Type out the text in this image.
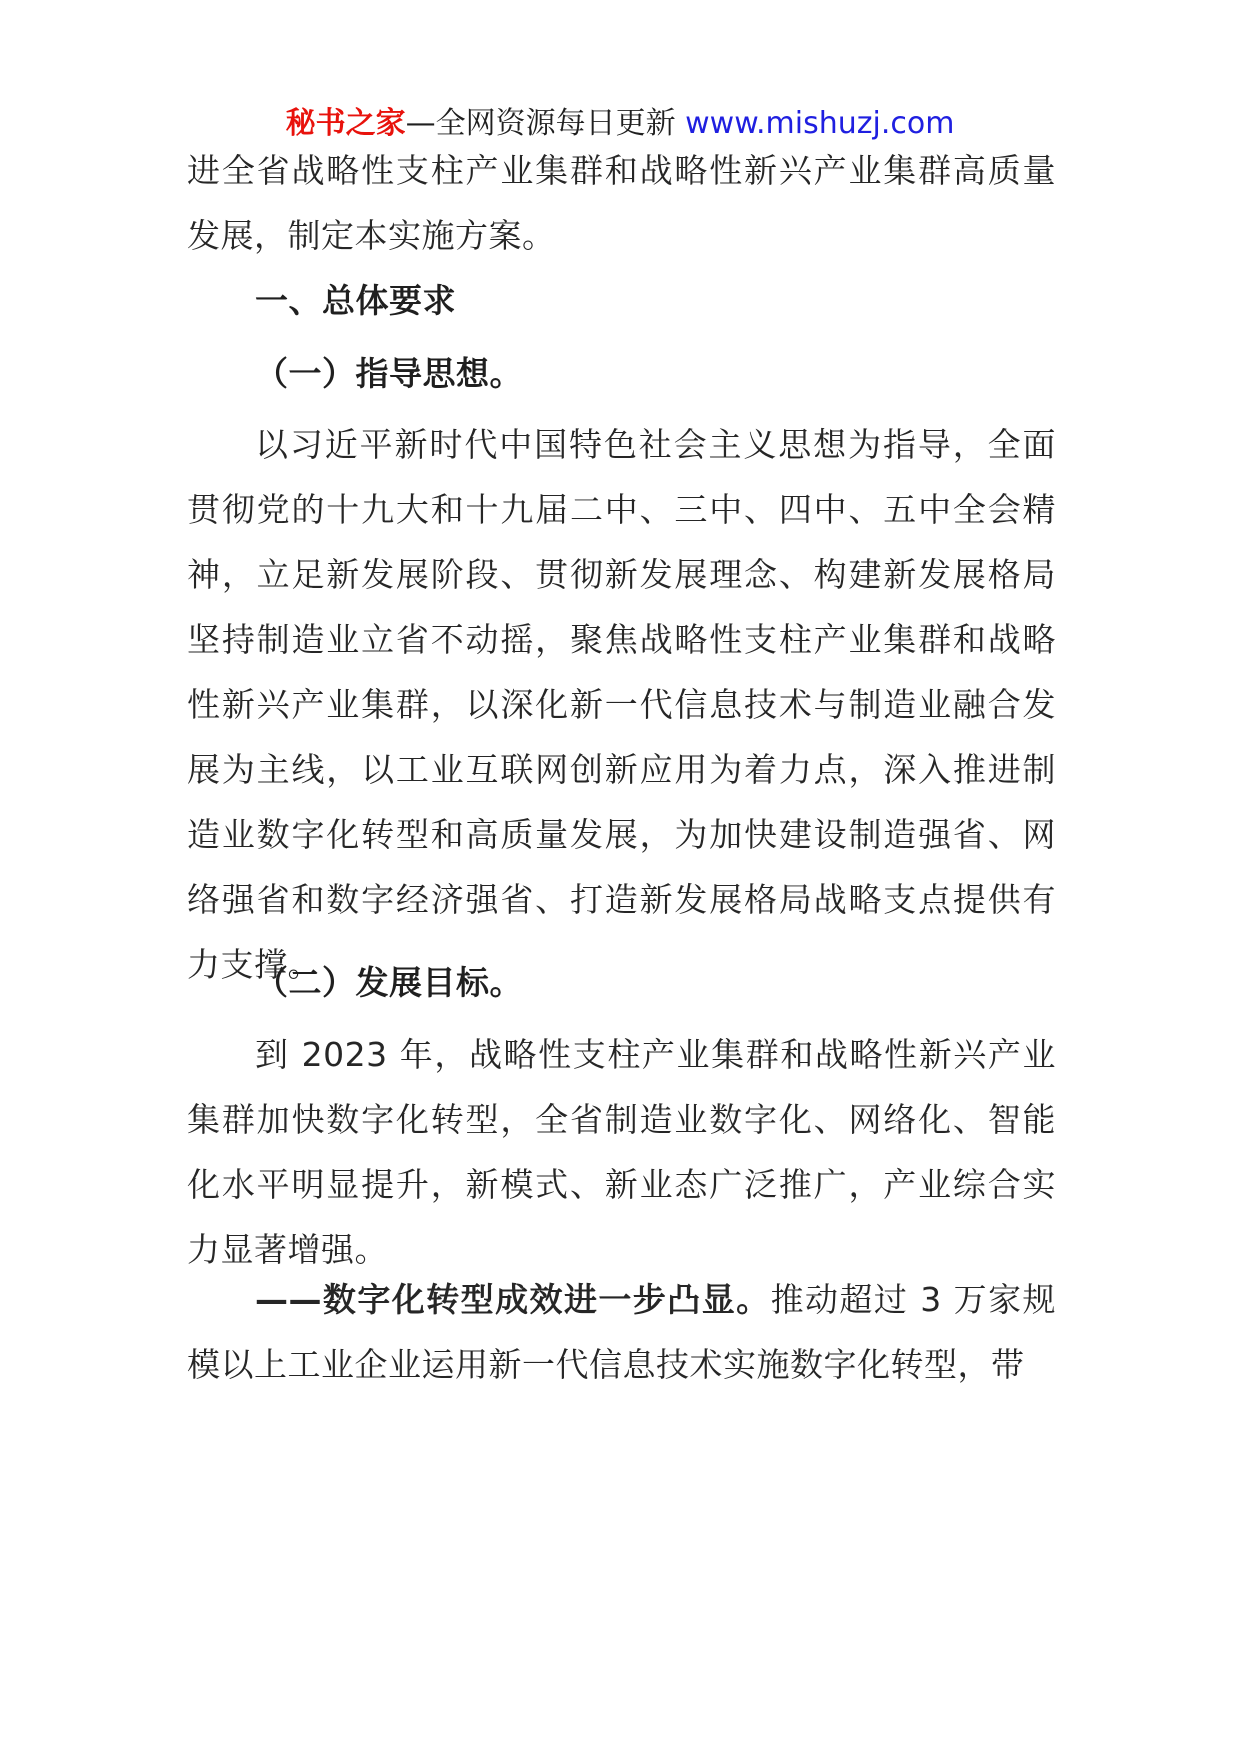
秘书之家—全网资源每日更新 www.mishuzj.com

进全省战略性支柱产业集群和战略性新兴产业集群高质量发展，制定本实施方案。

一、总体要求

（一）指导思想。

以习近平新时代中国特色社会主义思想为指导，全面贯彻党的十九大和十九届二中、三中、四中、五中全会精神，立足新发展阶段、贯彻新发展理念、构建新发展格局坚持制造业立省不动摇，聚焦战略性支柱产业集群和战略性新兴产业集群，以深化新一代信息技术与制造业融合发展为主线，以工业互联网创新应用为着力点，深入推进制造业数字化转型和高质量发展，为加快建设制造强省、网络强省和数字经济强省、打造新发展格局战略支点提供有力支撑。

（二）发展目标。

到 2023 年，战略性支柱产业集群和战略性新兴产业集群加快数字化转型，全省制造业数字化、网络化、智能化水平明显提升，新模式、新业态广泛推广，产业综合实力显著增强。

——数字化转型成效进一步凸显。推动超过 3 万家规模以上工业企业运用新一代信息技术实施数字化转型，带
